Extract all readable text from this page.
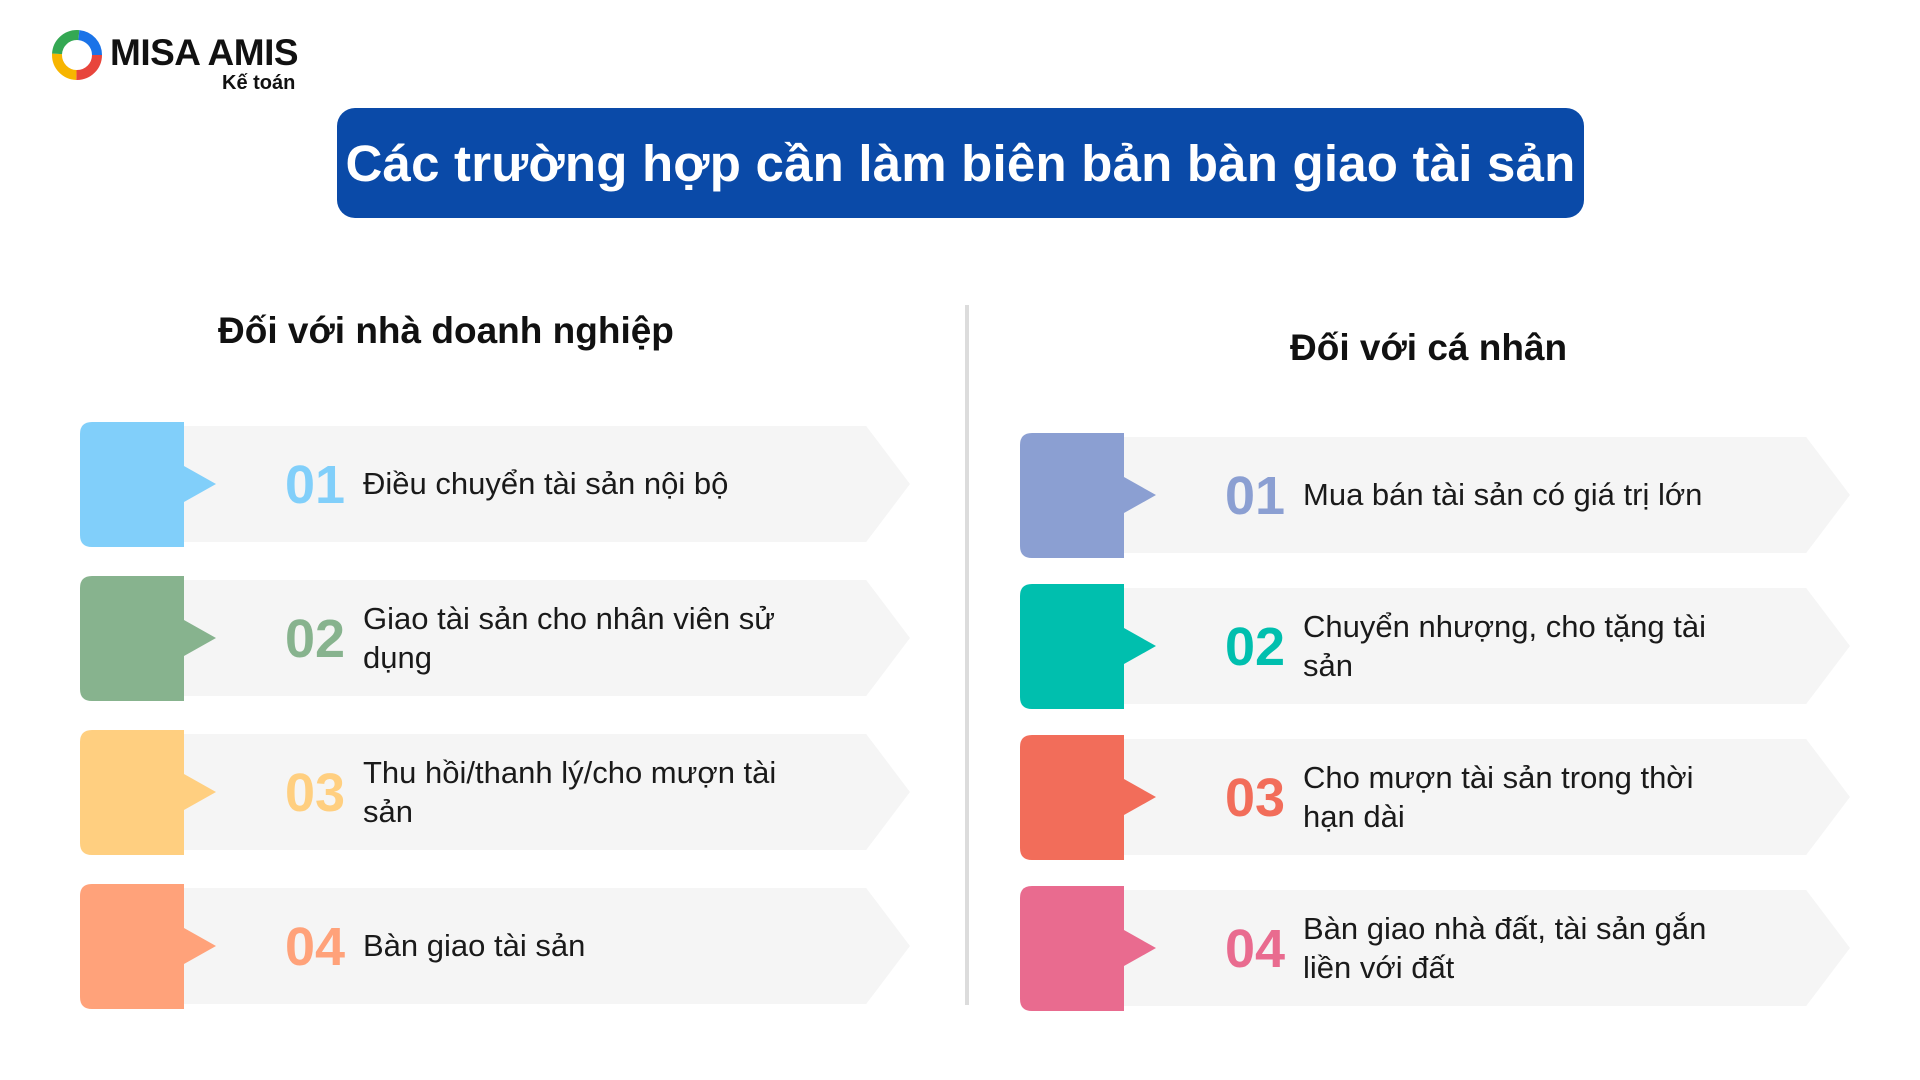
MISA AMIS
Kế toán
Các trường hợp cần làm biên bản bàn giao tài sản
Đối với nhà doanh nghiệp	Đối với cá nhân
01 Điều chuyển tài sản nội bộ
02 Giao tài sản cho nhân viên sử dụng
03 Thu hồi/thanh lý/cho mượn tài sản
04 Bàn giao tài sản
01 Mua bán tài sản có giá trị lớn
02 Chuyển nhượng, cho tặng tài sản
03 Cho mượn tài sản trong thời hạn dài
04 Bàn giao nhà đất, tài sản gắn liền với đất
